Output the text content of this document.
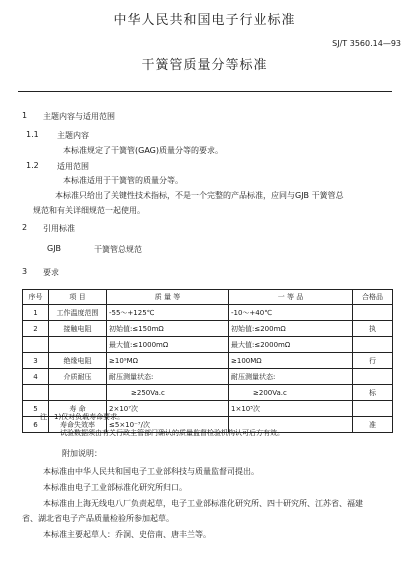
中华人民共和国电子行业标准
SJ/T 3560.14—93
干簧管质量分等标准
1 主题内容与适用范围
1.1 主题内容
本标准规定了干簧管(GAG)质量分等的要求。
1.2 适用范围
本标准适用于干簧管的质量分等。
本标准只给出了关键性技术指标，不是一个完整的产品标准，应同与GJB 干簧管总
规范和有关详细规范一起使用。
2 引用标准
GJB	干簧管总规范
3 要求
序号	项 目	质 量 等	一 等 品	合格品
1	工作温度范围	-55～+125℃	-10～+40℃	
2	接触电阻	初始值:≤150mΩ	初始值:≤200mΩ	执
		最大值:≤1000mΩ	最大值:≤2000mΩ	
3	绝缘电阻	≥10⁹MΩ	≥100MΩ	行
4	介质耐压	耐压测量状态:	耐压测量状态:	
		≥250Va.c	≥200Va.c	标
5	寿 命	2×10⁷次	1×10⁵次	
6	寿命失效率	≤5×10⁻⁷/次		准
注：1)仅对负载寿命要求。
试验数据须由有关行政主管部门确认的质量监督检验机构认可后方有效。
附加说明：
本标准由中华人民共和国电子工业部科技与质量监督司提出。
本标准由电子工业部标准化研究所归口。
本标准由上海无线电八厂负责起草，电子工业部标准化研究所、四十研究所、江苏省、福建
省、湖北省电子产品质量检验所参加起草。
本标准主要起草人：乔洞、史倍南、唐丰兰等。
